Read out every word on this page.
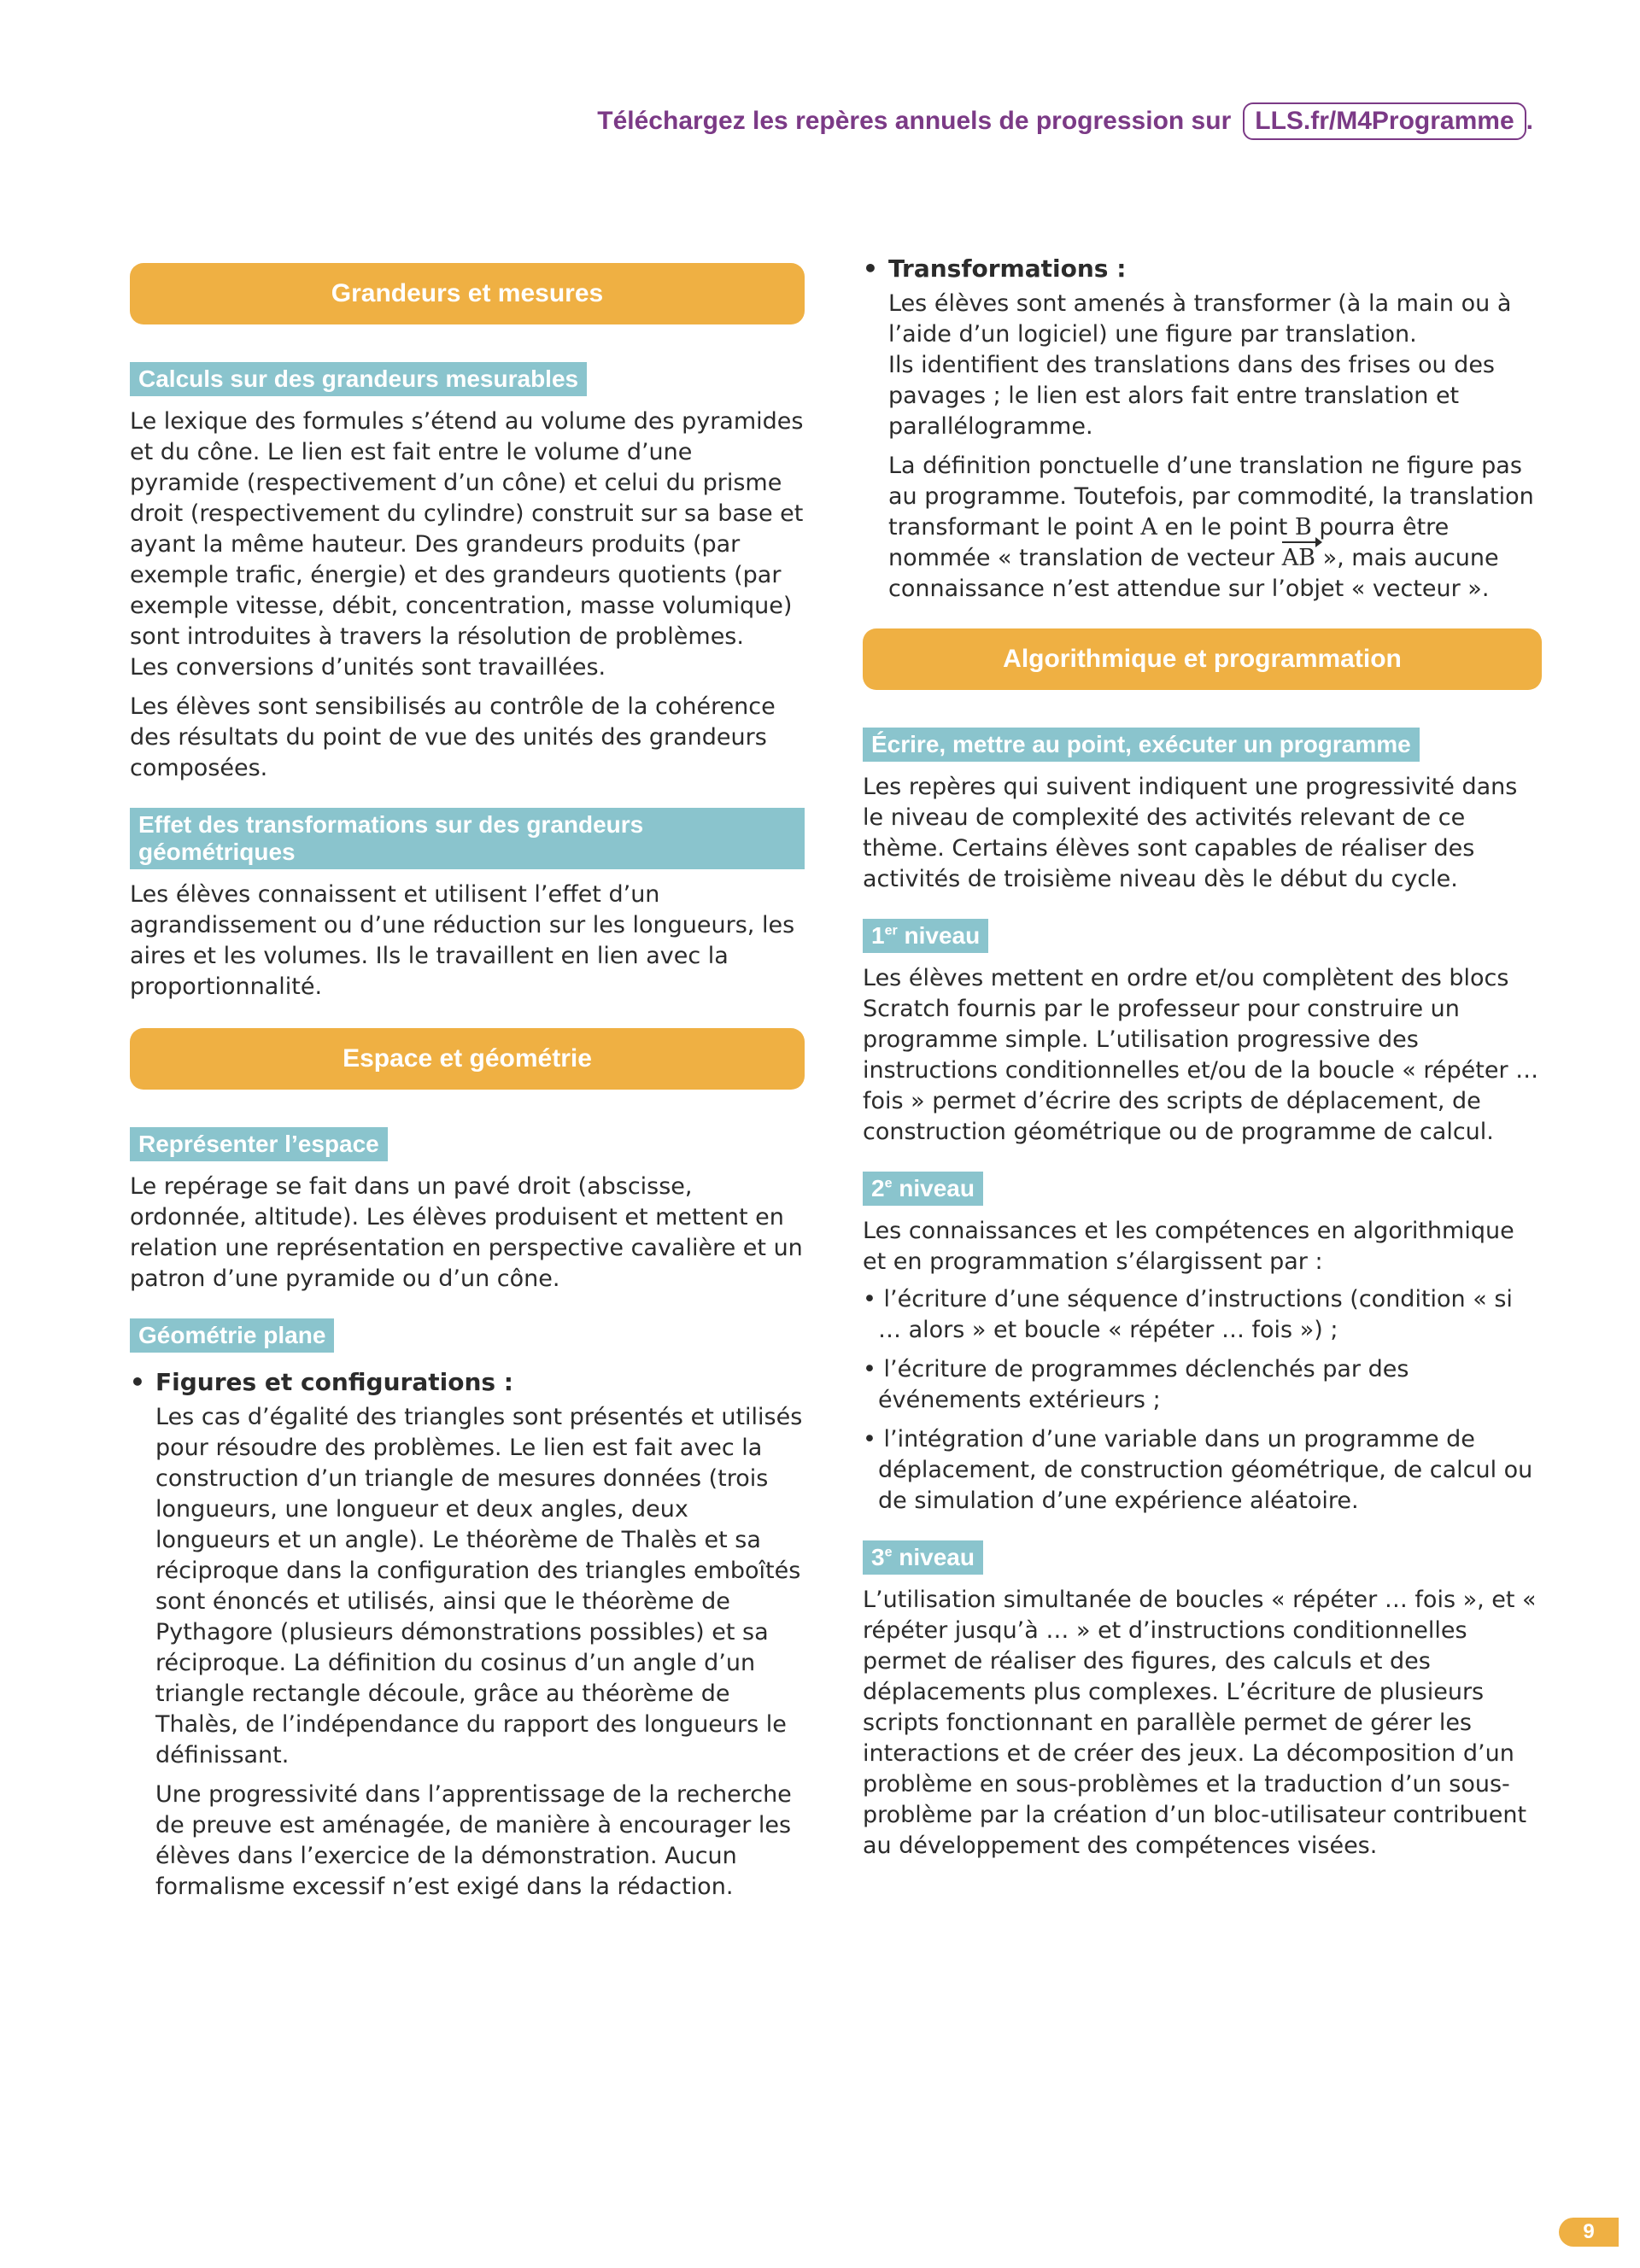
Téléchargez les repères annuels de progression sur LLS.fr/M4Programme .
Grandeurs et mesures
Calculs sur des grandeurs mesurables

Le lexique des formules s’étend au volume des pyramides et du cône. Le lien est fait entre le volume d’une pyramide (respectivement d’un cône) et celui du prisme droit (respectivement du cylindre) construit sur sa base et ayant la même hauteur. Des grandeurs produits (par exemple trafic, énergie) et des grandeurs quotients (par exemple vitesse, débit, concentration, masse volumique) sont introduites à travers la résolution de problèmes.

Les conversions d’unités sont travaillées.

Les élèves sont sensibilisés au contrôle de la cohérence des résultats du point de vue des unités des grandeurs composées.

Effet des transformations sur des grandeurs géométriques

Les élèves connaissent et utilisent l’effet d’un agrandissement ou d’une réduction sur les longueurs, les aires et les volumes. Ils le travaillent en lien avec la proportionnalité.

Espace et géométrie
Représenter l’espace

Le repérage se fait dans un pavé droit (abscisse, ordonnée, altitude). Les élèves produisent et mettent en relation une représentation en perspective cavalière et un patron d’une pyramide ou d’un cône.

Géométrie plane
• Figures et configurations :

Les cas d’égalité des triangles sont présentés et utilisés pour résoudre des problèmes. Le lien est fait avec la construction d’un triangle de mesures données (trois longueurs, une longueur et deux angles, deux longueurs et un angle). Le théorème de Thalès et sa réciproque dans la configuration des triangles emboîtés sont énoncés et utilisés, ainsi que le théorème de Pythagore (plusieurs démonstrations possibles) et sa réciproque. La définition du cosinus d’un angle d’un triangle rectangle découle, grâce au théorème de Thalès, de l’indépendance du rapport des longueurs le définissant.

Une progressivité dans l’apprentissage de la recherche de preuve est aménagée, de manière à encourager les élèves dans l’exercice de la démonstration. Aucun formalisme excessif n’est exigé dans la rédaction.

• Transformations :

Les élèves sont amenés à transformer (à la main ou à l’aide d’un logiciel) une figure par translation.

Ils identifient des translations dans des frises ou des pavages ; le lien est alors fait entre translation et parallélogramme.

La définition ponctuelle d’une translation ne figure pas au programme. Toutefois, par commodité, la translation transformant le point A en le point B pourra être nommée « translation de vecteur AB », mais aucune connaissance n’est attendue sur l’objet « vecteur ».

Algorithmique et programmation
Écrire, mettre au point, exécuter un programme

Les repères qui suivent indiquent une progressivité dans le niveau de complexité des activités relevant de ce thème. Certains élèves sont capables de réaliser des activités de troisième niveau dès le début du cycle.

1er niveau

Les élèves mettent en ordre et/ou complètent des blocs Scratch fournis par le professeur pour construire un programme simple. L’utilisation progressive des instructions conditionnelles et/ou de la boucle « répéter … fois » permet d’écrire des scripts de déplacement, de construction géométrique ou de programme de calcul.

2e niveau

Les connaissances et les compétences en algorithmique et en programmation s’élargissent par :

• l’écriture d’une séquence d’instructions (condition « si … alors » et boucle « répéter … fois ») ;
• l’écriture de programmes déclenchés par des événements extérieurs ;
• l’intégration d’une variable dans un programme de déplacement, de construction géométrique, de calcul ou de simulation d’une expérience aléatoire.
3e niveau

L’utilisation simultanée de boucles « répéter … fois », et « répéter jusqu’à … » et d’instructions conditionnelles permet de réaliser des figures, des calculs et des déplacements plus complexes. L’écriture de plusieurs scripts fonctionnant en parallèle permet de gérer les interactions et de créer des jeux. La décomposition d’un problème en sous-problèmes et la traduction d’un sous-problème par la création d’un bloc-utilisateur contribuent au développement des compétences visées.

9
